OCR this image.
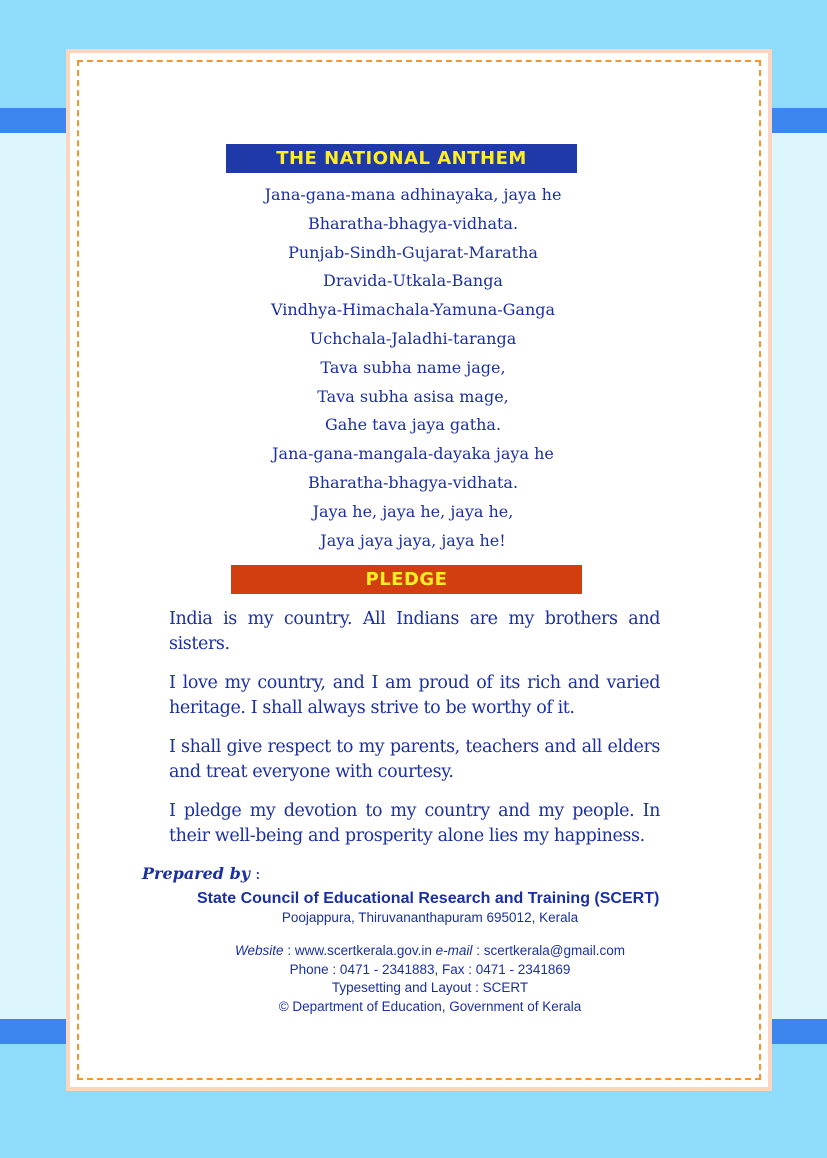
THE NATIONAL ANTHEM
Jana-gana-mana adhinayaka, jaya he
Bharatha-bhagya-vidhata.
Punjab-Sindh-Gujarat-Maratha
Dravida-Utkala-Banga
Vindhya-Himachala-Yamuna-Ganga
Uchchala-Jaladhi-taranga
Tava subha name jage,
Tava subha asisa mage,
Gahe tava jaya gatha.
Jana-gana-mangala-dayaka jaya he
Bharatha-bhagya-vidhata.
Jaya he, jaya he, jaya he,
Jaya jaya jaya, jaya he!
PLEDGE

India is my country. All Indians are my brothers and sisters.

I love my country, and I am proud of its rich and varied heritage. I shall always strive to be worthy of it.

I shall give respect to my parents, teachers and all elders and treat everyone with courtesy.

I pledge my devotion to my country and my people. In their well-being and prosperity alone lies my happiness.

Prepared by :
State Council of Educational Research and Training (SCERT)
Poojappura, Thiruvananthapuram 695012, Kerala
Website : www.scertkerala.gov.in e-mail : scertkerala@gmail.com
Phone : 0471 - 2341883, Fax : 0471 - 2341869
Typesetting and Layout : SCERT
© Department of Education, Government of Kerala
